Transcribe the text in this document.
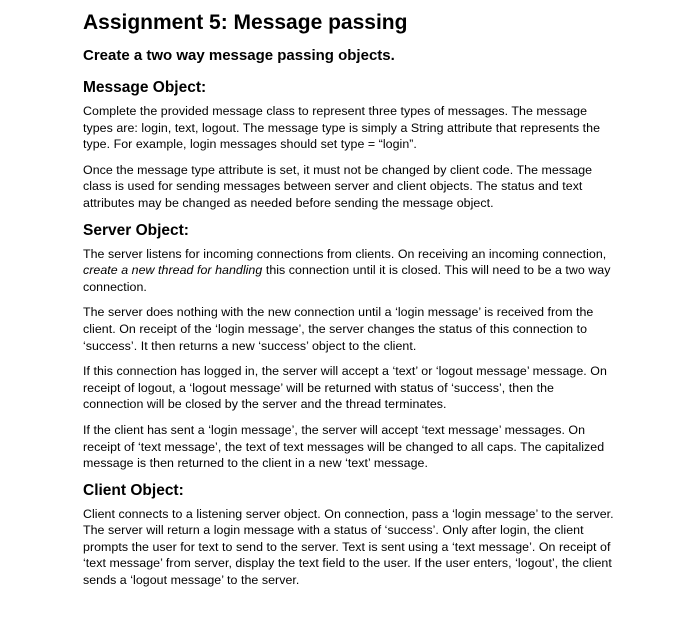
Assignment 5: Message passing
Create a two way message passing objects.
Message Object:

Complete the provided message class to represent three types of messages. The message types are: login, text, logout. The message type is simply a String attribute that represents the type. For example, login messages should set type = “login”.

Once the message type attribute is set, it must not be changed by client code. The message class is used for sending messages between server and client objects. The status and text attributes may be changed as needed before sending the message object.

Server Object:

The server listens for incoming connections from clients. On receiving an incoming connection, create a new thread for handling this connection until it is closed. This will need to be a two way connection.

The server does nothing with the new connection until a ‘login message’ is received from the client. On receipt of the ‘login message’, the server changes the status of this connection to ‘success’. It then returns a new ‘success’ object to the client.

If this connection has logged in, the server will accept a ‘text’ or ‘logout message’ message. On receipt of logout, a ‘logout message’ will be returned with status of ‘success’, then the connection will be closed by the server and the thread terminates.

If the client has sent a ‘login message’, the server will accept ‘text message’ messages. On receipt of ‘text message’, the text of text messages will be changed to all caps. The capitalized message is then returned to the client in a new ‘text’ message.

Client Object:

Client connects to a listening server object. On connection, pass a ‘login message’ to the server. The server will return a login message with a status of ‘success’. Only after login, the client prompts the user for text to send to the server. Text is sent using a ‘text message’. On receipt of ‘text message’ from server, display the text field to the user. If the user enters, ‘logout’, the client sends a ‘logout message’ to the server.
